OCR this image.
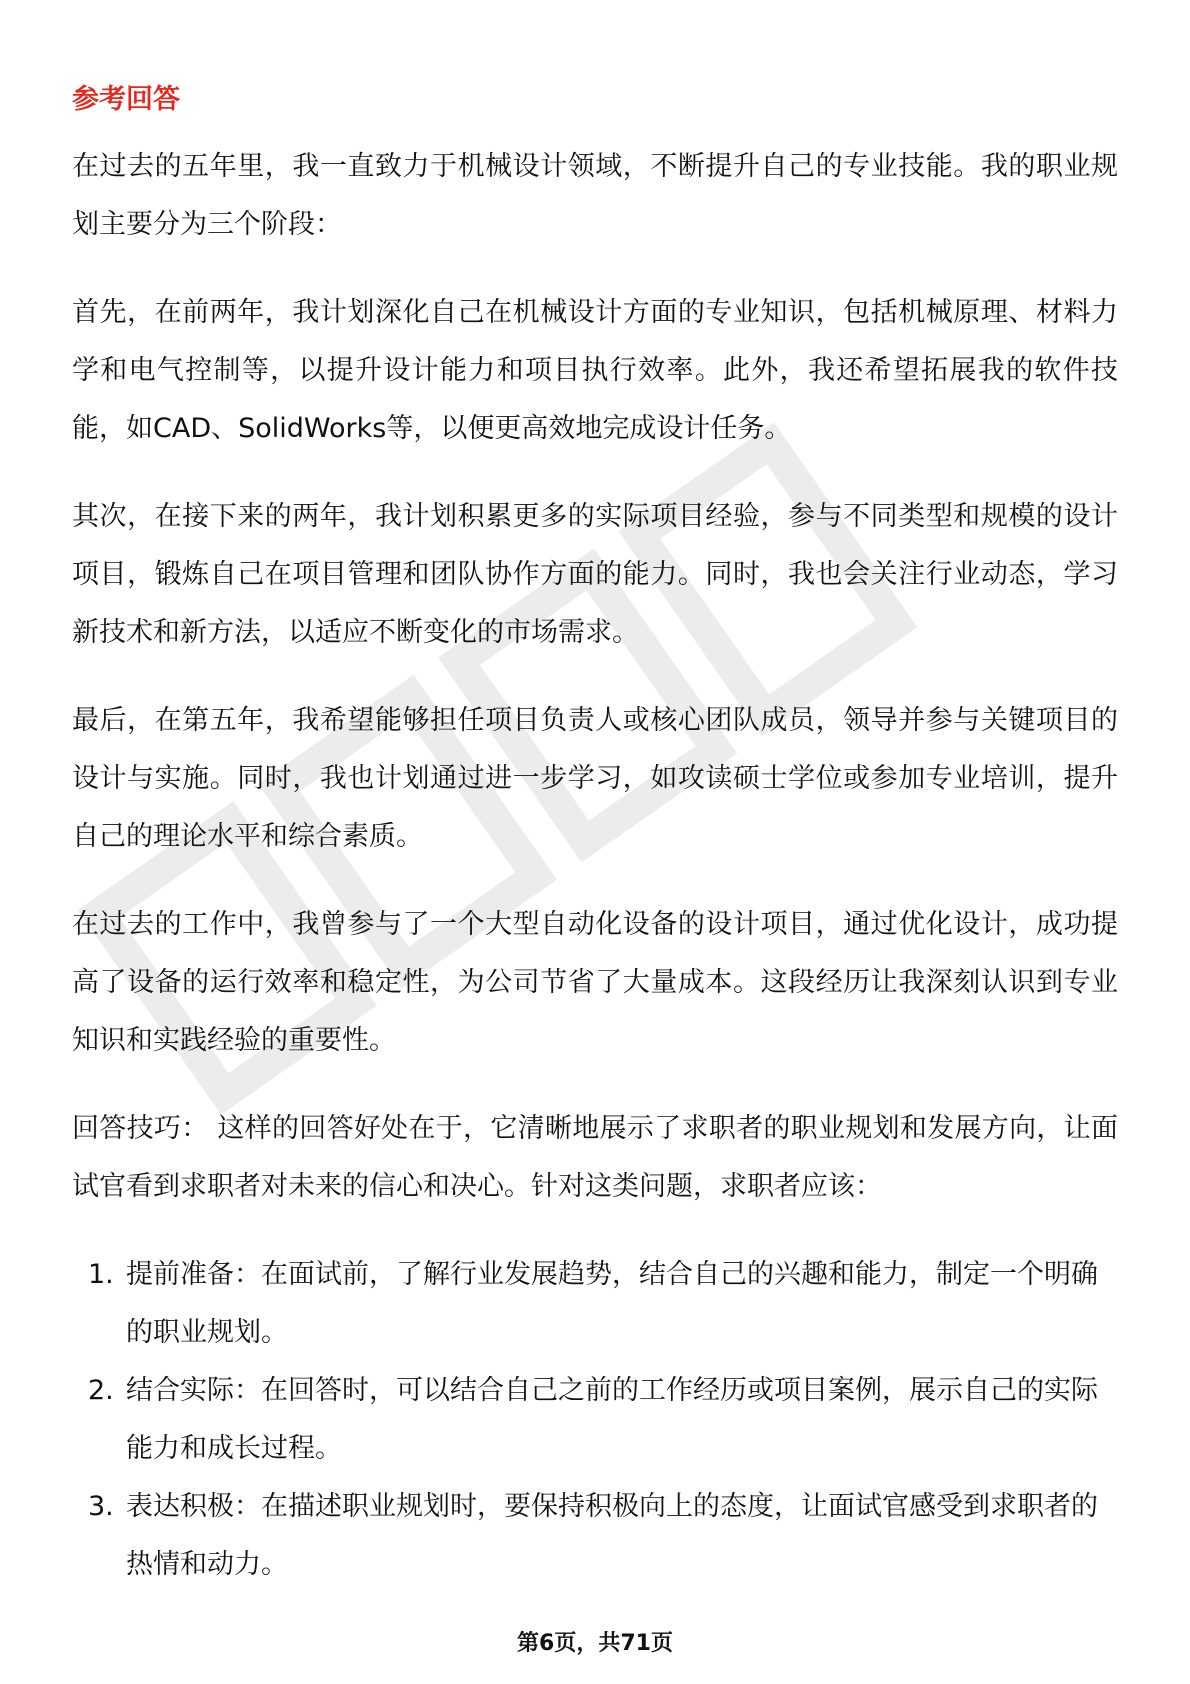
参考回答

在过去的五年里，我一直致力于机械设计领域，不断提升自己的专业技能。我的职业规划主要分为三个阶段：

首先，在前两年，我计划深化自己在机械设计方面的专业知识，包括机械原理、材料力学和电气控制等，以提升设计能力和项目执行效率。此外，我还希望拓展我的软件技能，如CAD、SolidWorks等，以便更高效地完成设计任务。

其次，在接下来的两年，我计划积累更多的实际项目经验，参与不同类型和规模的设计项目，锻炼自己在项目管理和团队协作方面的能力。同时，我也会关注行业动态，学习新技术和新方法，以适应不断变化的市场需求。

最后，在第五年，我希望能够担任项目负责人或核心团队成员，领导并参与关键项目的设计与实施。同时，我也计划通过进一步学习，如攻读硕士学位或参加专业培训，提升自己的理论水平和综合素质。

在过去的工作中，我曾参与了一个大型自动化设备的设计项目，通过优化设计，成功提高了设备的运行效率和稳定性，为公司节省了大量成本。这段经历让我深刻认识到专业知识和实践经验的重要性。

回答技巧： 这样的回答好处在于，它清晰地展示了求职者的职业规划和发展方向，让面试官看到求职者对未来的信心和决心。针对这类问题，求职者应该：

1. 提前准备：在面试前，了解行业发展趋势，结合自己的兴趣和能力，制定一个明确的职业规划。
2. 结合实际：在回答时，可以结合自己之前的工作经历或项目案例，展示自己的实际能力和成长过程。
3. 表达积极：在描述职业规划时，要保持积极向上的态度，让面试官感受到求职者的热情和动力。
第6页，共71页
